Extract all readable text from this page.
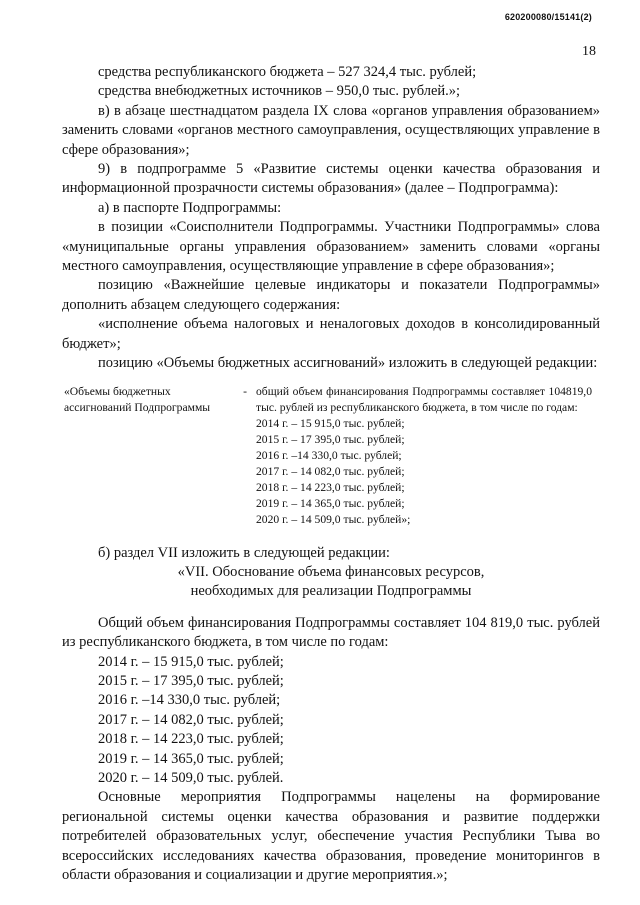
620200080/15141(2)
18

средства республиканского бюджета – 527 324,4 тыс. рублей;

средства внебюджетных источников – 950,0 тыс. рублей.»;

в) в абзаце шестнадцатом раздела IX слова «органов управления образованием» заменить словами «органов местного самоуправления, осуществляющих управление в сфере образования»;

9) в подпрограмме 5 «Развитие системы оценки качества образования и информационной прозрачности системы образования» (далее – Подпрограмма):

а) в паспорте Подпрограммы:

в позиции «Соисполнители Подпрограммы. Участники Подпрограммы» слова «муниципальные органы управления образованием» заменить словами «органы местного самоуправления, осуществляющие управление в сфере образования»;

позицию «Важнейшие целевые индикаторы и показатели Подпрограммы» дополнить абзацем следующего содержания:

«исполнение объема налоговых и неналоговых доходов в консолидированный бюджет»;

позицию «Объемы бюджетных ассигнований» изложить в следующей редакции:

«Объемы бюджетных ассигнований Подпрограммы
- общий объем финансирования Подпрограммы составляет 104819,0 тыс. рублей из республиканского бюджета, в том числе по годам:
2014 г. – 15 915,0 тыс. рублей;
2015 г. – 17 395,0 тыс. рублей;
2016 г. –14 330,0 тыс. рублей;
2017 г. – 14 082,0 тыс. рублей;
2018 г. – 14 223,0 тыс. рублей;
2019 г. – 14 365,0 тыс. рублей;
2020 г. – 14 509,0 тыс. рублей»;

б) раздел VII изложить в следующей редакции:

«VII. Обоснование объема финансовых ресурсов,

необходимых для реализации Подпрограммы

Общий объем финансирования Подпрограммы составляет 104 819,0 тыс. рублей из республиканского бюджета, в том числе по годам:

2014 г. – 15 915,0 тыс. рублей;

2015 г. – 17 395,0 тыс. рублей;

2016 г. –14 330,0 тыс. рублей;

2017 г. – 14 082,0 тыс. рублей;

2018 г. – 14 223,0 тыс. рублей;

2019 г. – 14 365,0 тыс. рублей;

2020 г. – 14 509,0 тыс. рублей.

Основные мероприятия Подпрограммы нацелены на формирование региональной системы оценки качества образования и развитие поддержки потребителей образовательных услуг, обеспечение участия Республики Тыва во всероссийских исследованиях качества образования, проведение мониторингов в области образования и социализации и другие мероприятия.»;
